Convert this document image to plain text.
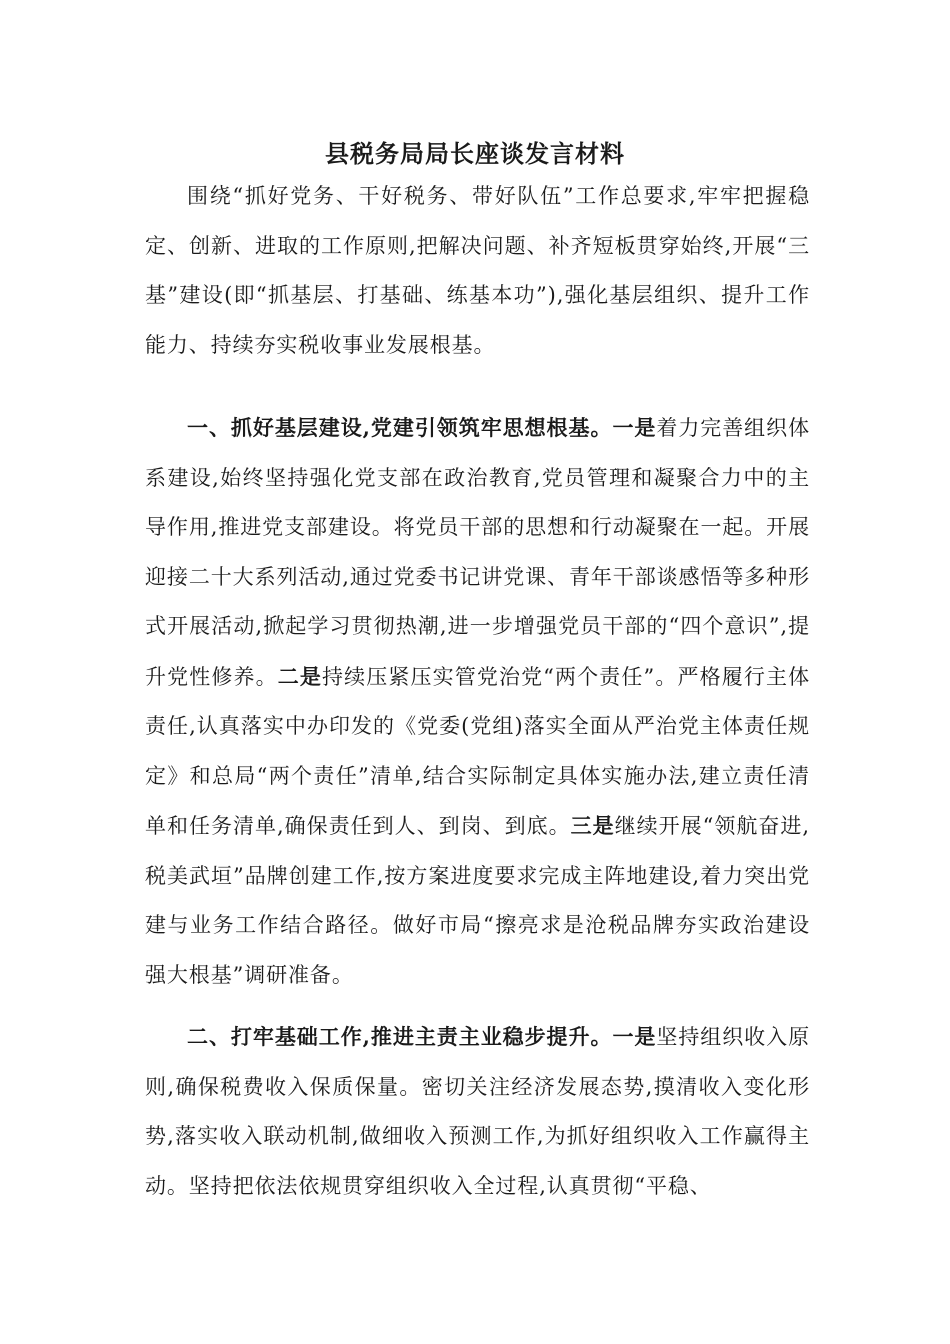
县税务局局长座谈发言材料

围绕“抓好党务、干好税务、带好队伍”工作总要求,牢牢把握稳定、创新、进取的工作原则,把解决问题、补齐短板贯穿始终,开展“三基”建设(即“抓基层、打基础、练基本功”),强化基层组织、提升工作能力、持续夯实税收事业发展根基。

一、抓好基层建设,党建引领筑牢思想根基。一是着力完善组织体系建设,始终坚持强化党支部在政治教育,党员管理和凝聚合力中的主导作用,推进党支部建设。将党员干部的思想和行动凝聚在一起。开展迎接二十大系列活动,通过党委书记讲党课、青年干部谈感悟等多种形式开展活动,掀起学习贯彻热潮,进一步增强党员干部的“四个意识”,提升党性修养。二是持续压紧压实管党治党“两个责任”。严格履行主体责任,认真落实中办印发的《党委(党组)落实全面从严治党主体责任规定》和总局“两个责任”清单,结合实际制定具体实施办法,建立责任清单和任务清单,确保责任到人、到岗、到底。三是继续开展“领航奋进,税美武垣”品牌创建工作,按方案进度要求完成主阵地建设,着力突出党建与业务工作结合路径。做好市局“擦亮求是沧税品牌夯实政治建设强大根基”调研准备。

二、打牢基础工作,推进主责主业稳步提升。一是坚持组织收入原则,确保税费收入保质保量。密切关注经济发展态势,摸清收入变化形势,落实收入联动机制,做细收入预测工作,为抓好组织收入工作赢得主动。坚持把依法依规贯穿组织收入全过程,认真贯彻“平稳、
